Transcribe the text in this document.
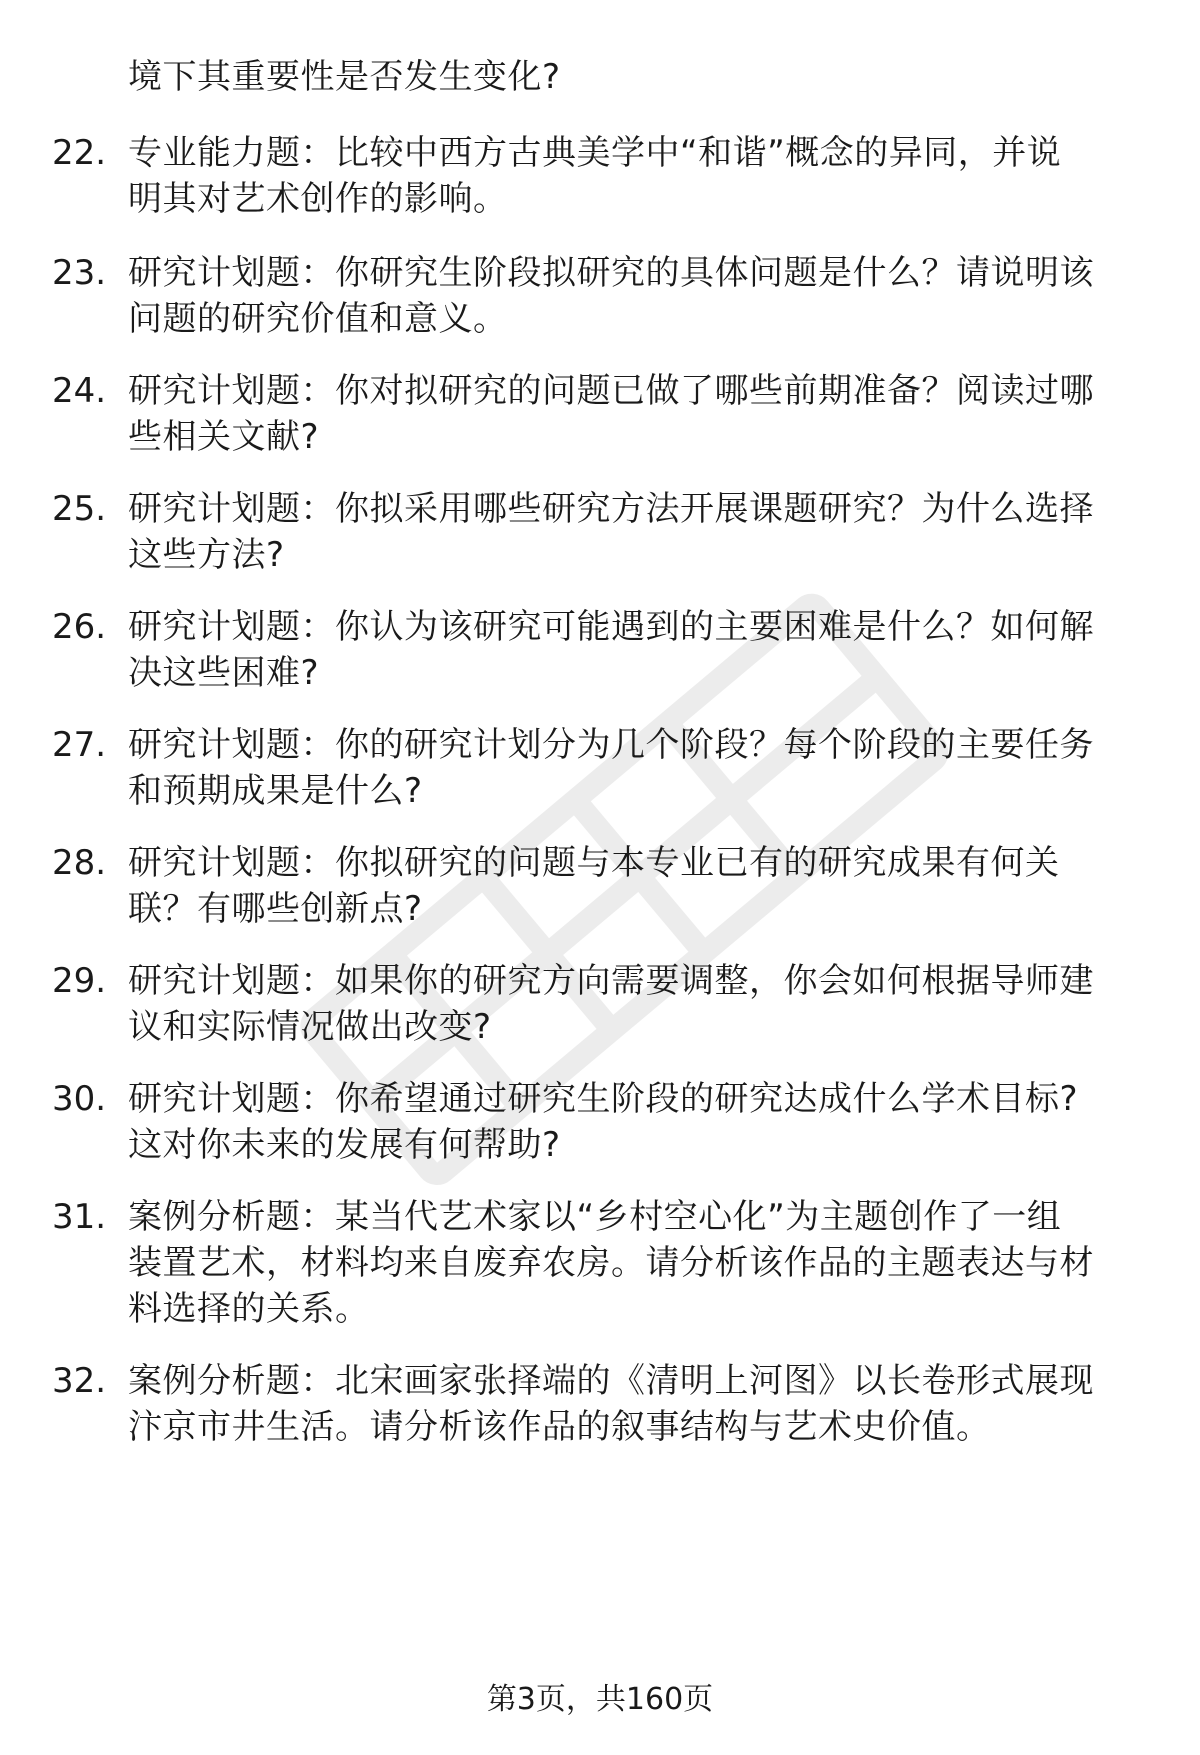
境下其重要性是否发生变化?
22. 专业能力题：比较中西方古典美学中“和谐”概念的异同，并说
明其对艺术创作的影响。
23. 研究计划题：你研究生阶段拟研究的具体问题是什么？请说明该
问题的研究价值和意义。
24. 研究计划题：你对拟研究的问题已做了哪些前期准备？阅读过哪
些相关文献?
25. 研究计划题：你拟采用哪些研究方法开展课题研究？为什么选择
这些方法?
26. 研究计划题：你认为该研究可能遇到的主要困难是什么？如何解
决这些困难?
27. 研究计划题：你的研究计划分为几个阶段？每个阶段的主要任务
和预期成果是什么?
28. 研究计划题：你拟研究的问题与本专业已有的研究成果有何关
联？有哪些创新点?
29. 研究计划题：如果你的研究方向需要调整，你会如何根据导师建
议和实际情况做出改变?
30. 研究计划题：你希望通过研究生阶段的研究达成什么学术目标?
这对你未来的发展有何帮助?
31. 案例分析题：某当代艺术家以“乡村空心化”为主题创作了一组
装置艺术，材料均来自废弃农房。请分析该作品的主题表达与材
料选择的关系。
32. 案例分析题：北宋画家张择端的《清明上河图》以长卷形式展现
汴京市井生活。请分析该作品的叙事结构与艺术史价值。
第3页，共160页
